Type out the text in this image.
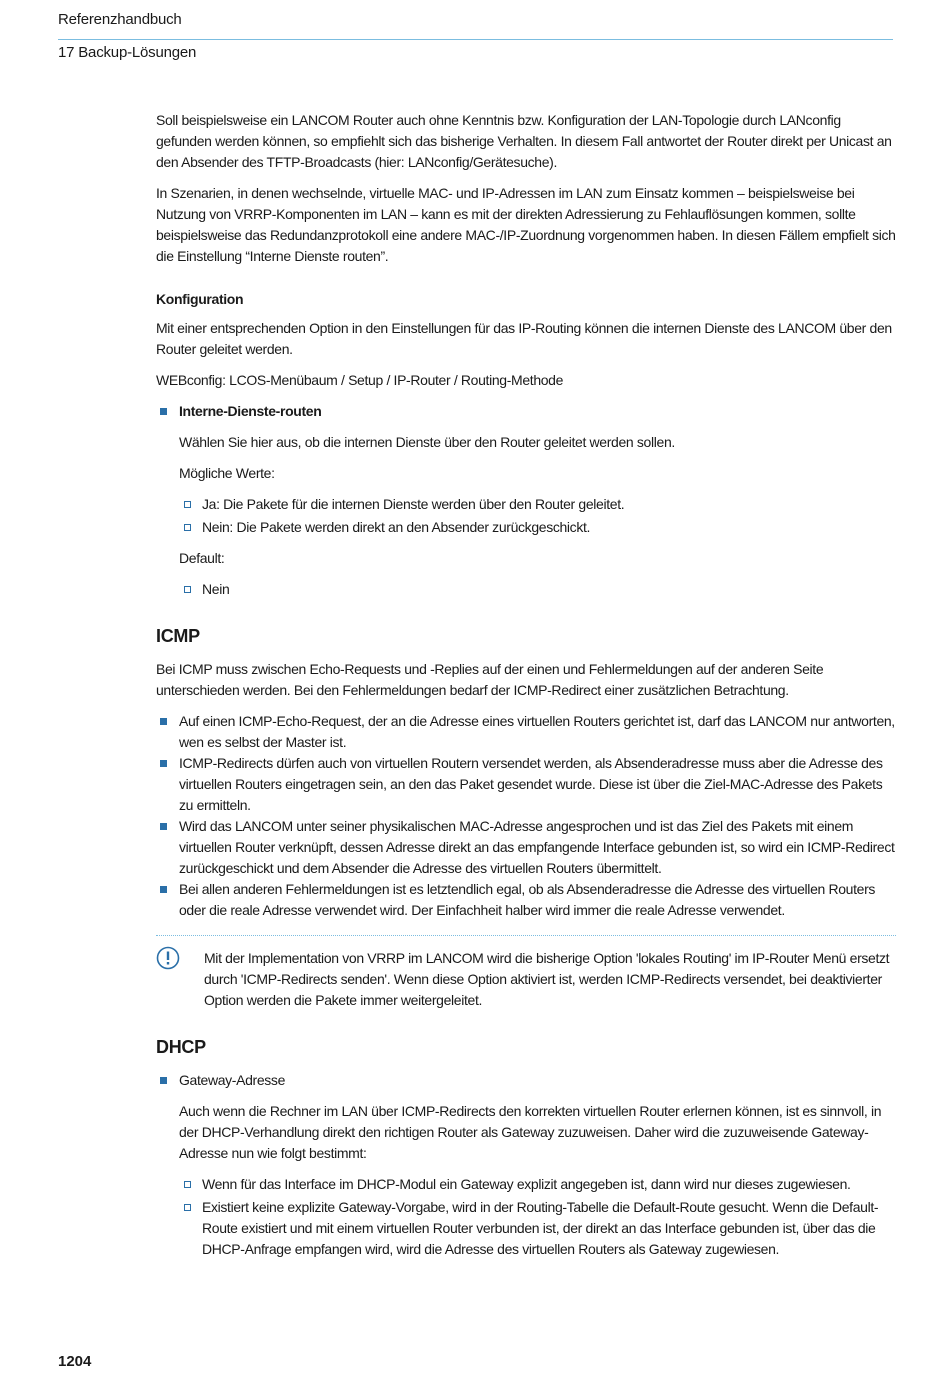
Referenzhandbuch
17 Backup-Lösungen

Soll beispielsweise ein LANCOM Router auch ohne Kenntnis bzw. Konfiguration der LAN-Topologie durch LANconfig gefunden werden können, so empfiehlt sich das bisherige Verhalten. In diesem Fall antwortet der Router direkt per Unicast an den Absender des TFTP-Broadcasts (hier: LANconfig/Gerätesuche).

In Szenarien, in denen wechselnde, virtuelle MAC- und IP-Adressen im LAN zum Einsatz kommen – beispielsweise bei Nutzung von VRRP-Komponenten im LAN – kann es mit der direkten Adressierung zu Fehlauflösungen kommen, sollte beispielsweise das Redundanzprotokoll eine andere MAC-/IP-Zuordnung vorgenommen haben. In diesen Fällem empfielt sich die Einstellung “Interne Dienste routen”.

Konfiguration

Mit einer entsprechenden Option in den Einstellungen für das IP-Routing können die internen Dienste des LANCOM über den Router geleitet werden.

WEBconfig: LCOS-Menübaum / Setup / IP-Router / Routing-Methode

Interne-Dienste-routen

Wählen Sie hier aus, ob die internen Dienste über den Router geleitet werden sollen.

Mögliche Werte:

Ja: Die Pakete für die internen Dienste werden über den Router geleitet.
Nein: Die Pakete werden direkt an den Absender zurückgeschickt.

Default:

Nein
ICMP

Bei ICMP muss zwischen Echo-Requests und -Replies auf der einen und Fehlermeldungen auf der anderen Seite unterschieden werden. Bei den Fehlermeldungen bedarf der ICMP-Redirect einer zusätzlichen Betrachtung.

Auf einen ICMP-Echo-Request, der an die Adresse eines virtuellen Routers gerichtet ist, darf das LANCOM nur antworten, wen es selbst der Master ist.
ICMP-Redirects dürfen auch von virtuellen Routern versendet werden, als Absenderadresse muss aber die Adresse des virtuellen Routers eingetragen sein, an den das Paket gesendet wurde. Diese ist über die Ziel-MAC-Adresse des Pakets zu ermitteln.
Wird das LANCOM unter seiner physikalischen MAC-Adresse angesprochen und ist das Ziel des Pakets mit einem virtuellen Router verknüpft, dessen Adresse direkt an das empfangende Interface gebunden ist, so wird ein ICMP-Redirect zurückgeschickt und dem Absender die Adresse des virtuellen Routers übermittelt.
Bei allen anderen Fehlermeldungen ist es letztendlich egal, ob als Absenderadresse die Adresse des virtuellen Routers oder die reale Adresse verwendet wird. Der Einfachheit halber wird immer die reale Adresse verwendet.

Mit der Implementation von VRRP im LANCOM wird die bisherige Option 'lokales Routing' im IP-Router Menü ersetzt durch 'ICMP-Redirects senden'. Wenn diese Option aktiviert ist, werden ICMP-Redirects versendet, bei deaktivierter Option werden die Pakete immer weitergeleitet.

DHCP
Gateway-Adresse

Auch wenn die Rechner im LAN über ICMP-Redirects den korrekten virtuellen Router erlernen können, ist es sinnvoll, in der DHCP-Verhandlung direkt den richtigen Router als Gateway zuzuweisen. Daher wird die zuzuweisende Gateway-Adresse nun wie folgt bestimmt:

Wenn für das Interface im DHCP-Modul ein Gateway explizit angegeben ist, dann wird nur dieses zugewiesen.
Existiert keine explizite Gateway-Vorgabe, wird in der Routing-Tabelle die Default-Route gesucht. Wenn die Default-Route existiert und mit einem virtuellen Router verbunden ist, der direkt an das Interface gebunden ist, über das die DHCP-Anfrage empfangen wird, wird die Adresse des virtuellen Routers als Gateway zugewiesen.
1204
